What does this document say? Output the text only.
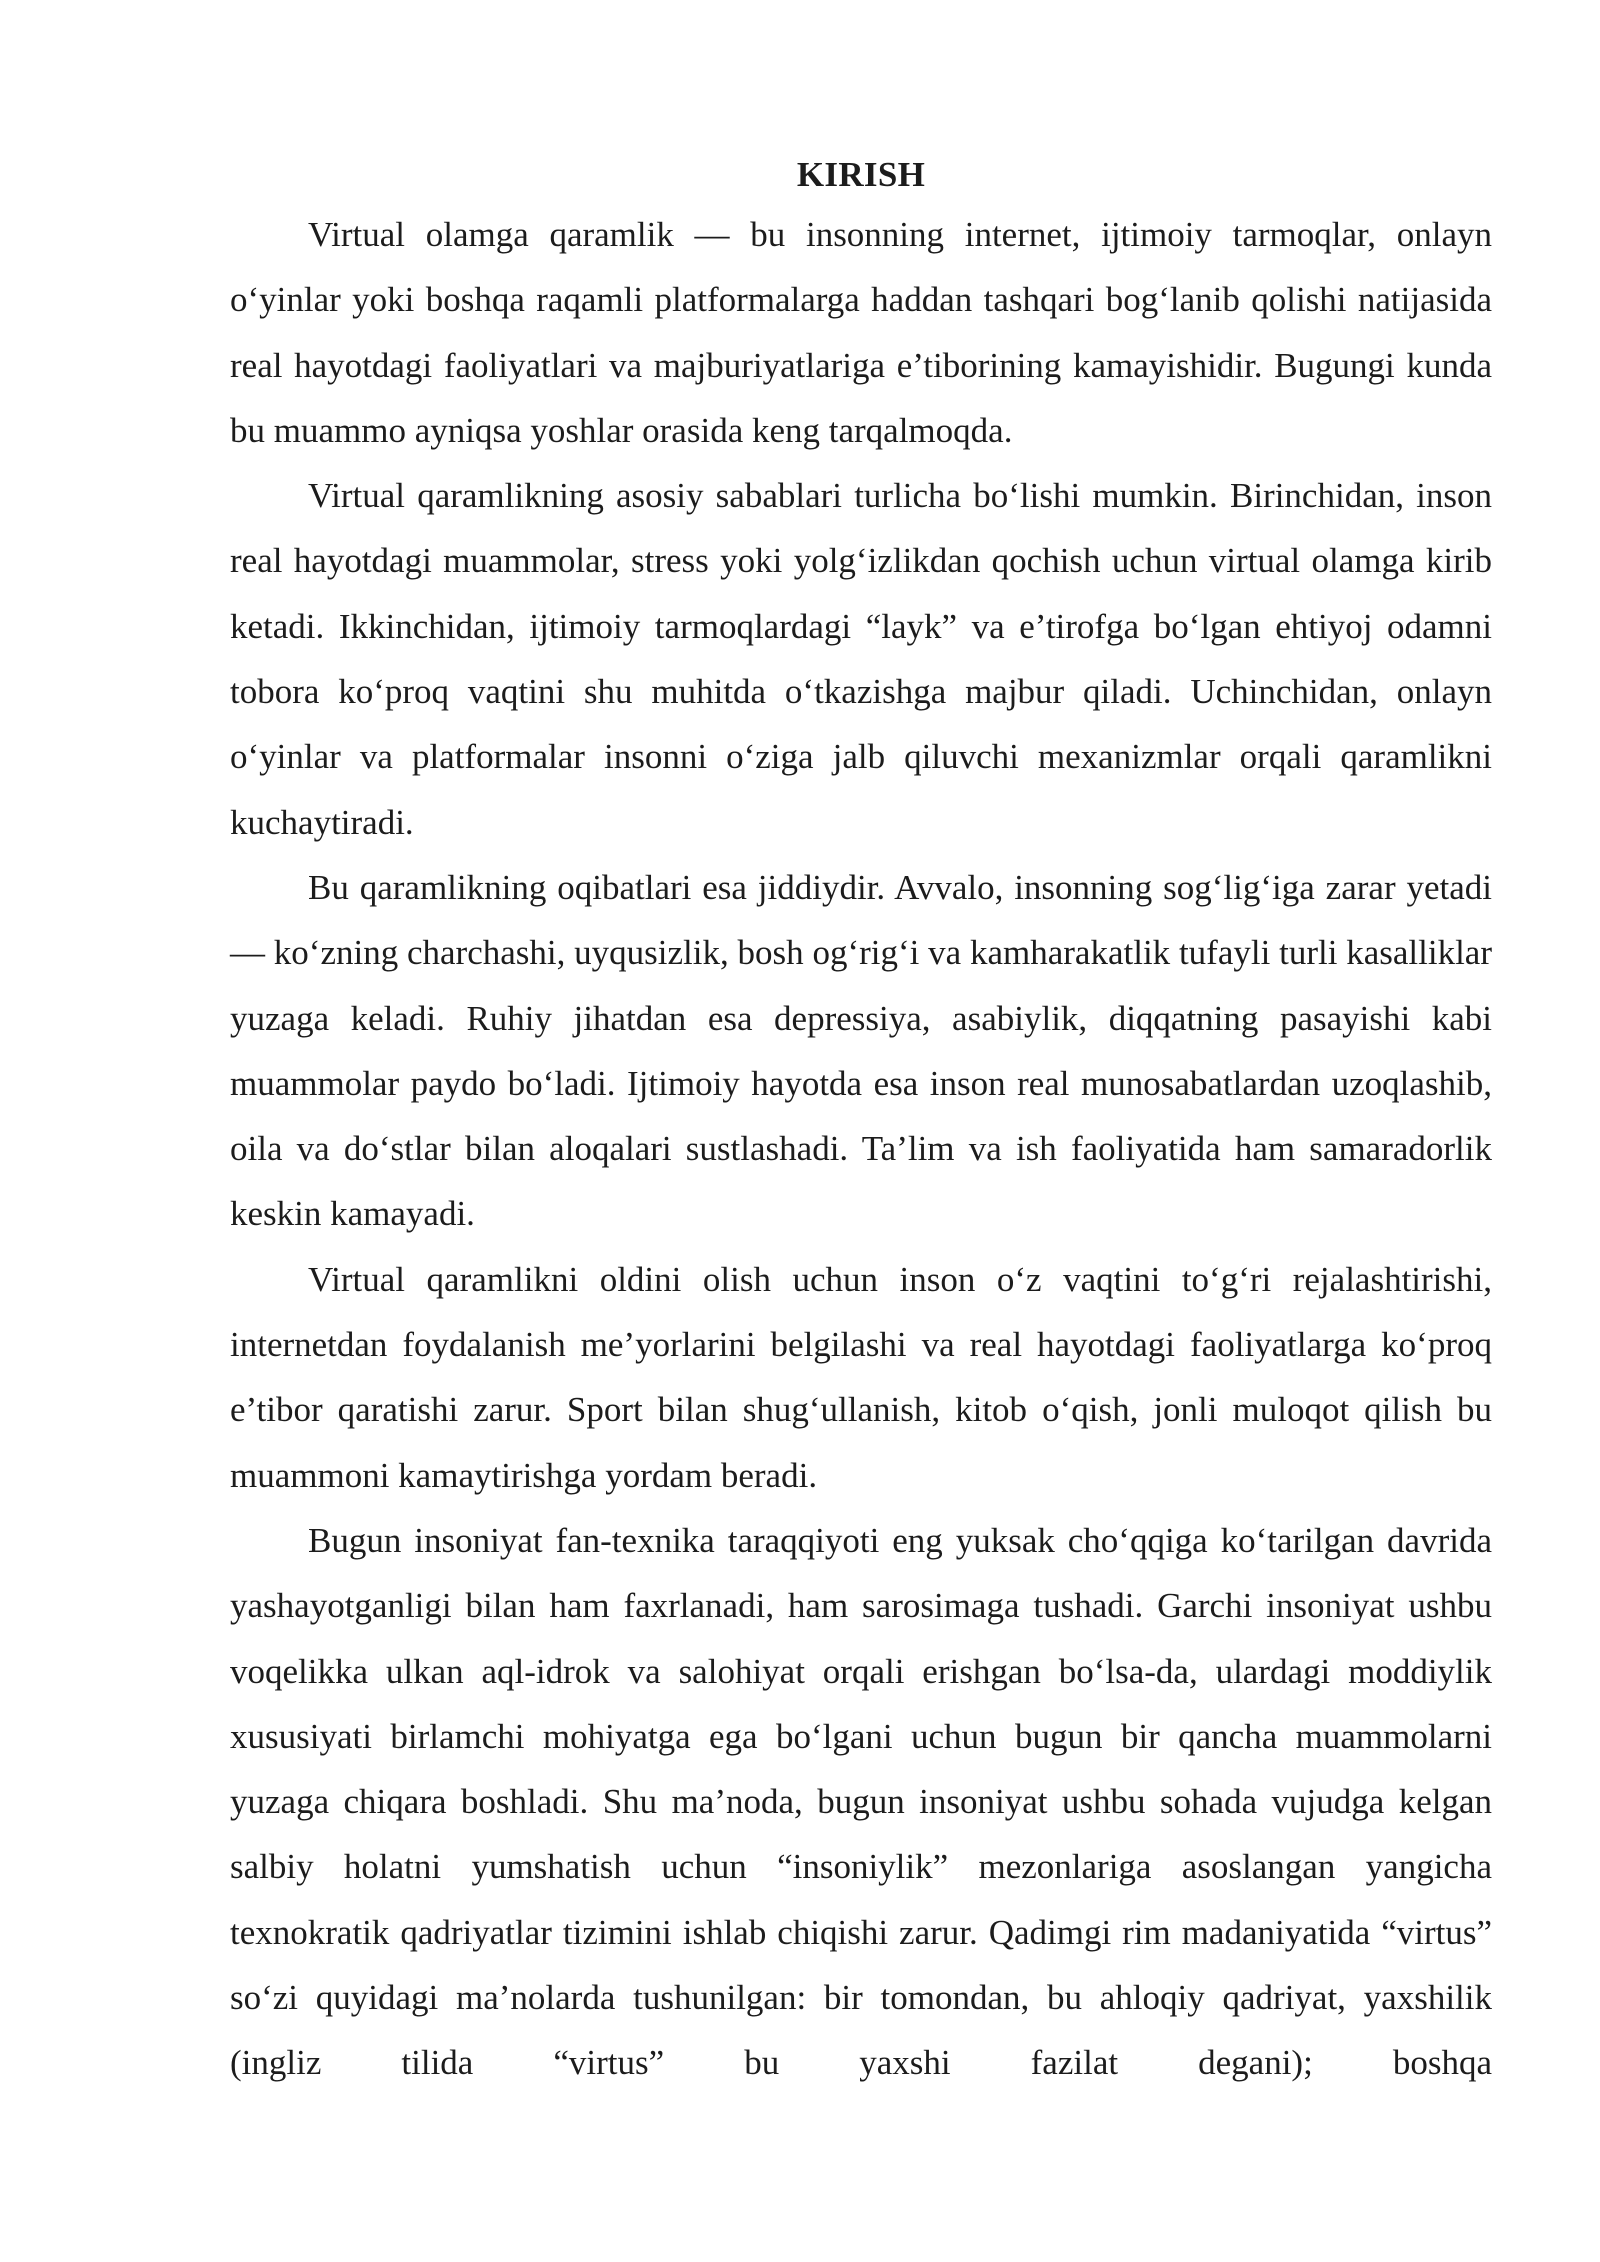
KIRISH

Virtual olamga qaramlik — bu insonning internet, ijtimoiy tarmoqlar, onlayn o‘yinlar yoki boshqa raqamli platformalarga haddan tashqari bog‘lanib qolishi natijasida real hayotdagi faoliyatlari va majburiyatlariga e’tiborining kamayishidir. Bugungi kunda bu muammo ayniqsa yoshlar orasida keng tarqalmoqda.

Virtual qaramlikning asosiy sabablari turlicha bo‘lishi mumkin. Birinchidan, inson real hayotdagi muammolar, stress yoki yolg‘izlikdan qochish uchun virtual olamga kirib ketadi. Ikkinchidan, ijtimoiy tarmoqlardagi “layk” va e’tirofga bo‘lgan ehtiyoj odamni tobora ko‘proq vaqtini shu muhitda o‘tkazishga majbur qiladi. Uchinchidan, onlayn o‘yinlar va platformalar insonni o‘ziga jalb qiluvchi mexanizmlar orqali qaramlikni kuchaytiradi.

Bu qaramlikning oqibatlari esa jiddiydir. Avvalo, insonning sog‘lig‘iga zarar yetadi — ko‘zning charchashi, uyqusizlik, bosh og‘rig‘i va kamharakatlik tufayli turli kasalliklar yuzaga keladi. Ruhiy jihatdan esa depressiya, asabiylik, diqqatning pasayishi kabi muammolar paydo bo‘ladi. Ijtimoiy hayotda esa inson real munosabatlardan uzoqlashib, oila va do‘stlar bilan aloqalari sustlashadi. Ta’lim va ish faoliyatida ham samaradorlik keskin kamayadi.

Virtual qaramlikni oldini olish uchun inson o‘z vaqtini to‘g‘ri rejalashtirishi, internetdan foydalanish me’yorlarini belgilashi va real hayotdagi faoliyatlarga ko‘proq e’tibor qaratishi zarur. Sport bilan shug‘ullanish, kitob o‘qish, jonli muloqot qilish bu muammoni kamaytirishga yordam beradi.

Bugun insoniyat fan-texnika taraqqiyoti eng yuksak cho‘qqiga ko‘tarilgan davrida yashayotganligi bilan ham faxrlanadi, ham sarosimaga tushadi. Garchi insoniyat ushbu voqelikka ulkan aql-idrok va salohiyat orqali erishgan bo‘lsa-da, ulardagi moddiylik xususiyati birlamchi mohiyatga ega bo‘lgani uchun bugun bir qancha muammolarni yuzaga chiqara boshladi. Shu ma’noda, bugun insoniyat ushbu sohada vujudga kelgan salbiy holatni yumshatish uchun “insoniylik” mezonlariga asoslangan yangicha texnokratik qadriyatlar tizimini ishlab chiqishi zarur. Qadimgi rim madaniyatida “virtus” so‘zi quyidagi ma’nolarda tushunilgan: bir tomondan, bu ahloqiy qadriyat, yaxshilik (ingliz tilida “virtus” bu yaxshi fazilat degani); boshqa
